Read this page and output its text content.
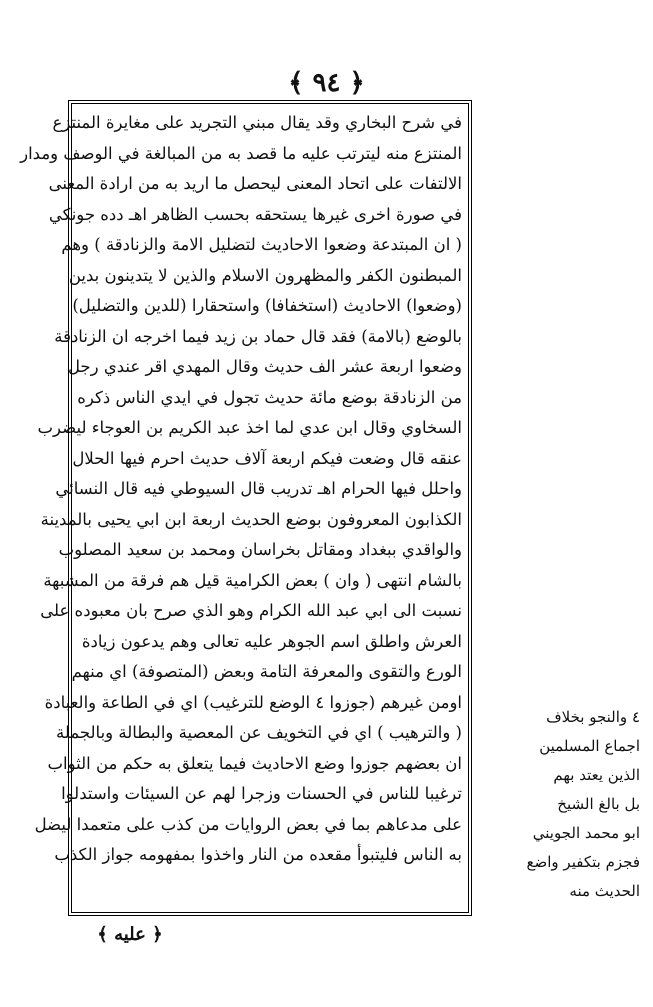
﴿ ٩٤ ﴾
في شرح البخاري وقد يقال مبني التجريد على مغايرة المنتزع
المنتزع منه ليترتب عليه ما قصد به من المبالغة في الوصف ومدار
الالتفات على اتحاد المعنى ليحصل ما اريد به من ارادة المعنى
في صورة اخرى غيرها يستحقه بحسب الظاهر اهـ دده جونكي
( ان المبتدعة وضعوا الاحاديث لتضليل الامة والزنادقة ) وهم
المبطنون الكفر والمظهرون الاسلام والذين لا يتدينون بدين
(وضعوا) الاحاديث (استخفافا) واستحقارا (للدين والتضليل)
بالوضع (بالامة) فقد قال حماد بن زيد فيما اخرجه ان الزنادقة
وضعوا اربعة عشر الف حديث وقال المهدي اقر عندي رجل
من الزنادقة بوضع مائة حديث تجول في ايدي الناس ذكره
السخاوي وقال ابن عدي لما اخذ عبد الكريم بن العوجاء ليضرب
عنقه قال وضعت فيكم اربعة آلاف حديث احرم فيها الحلال
واحلل فيها الحرام اهـ تدريب قال السيوطي فيه قال النسائي
الكذابون المعروفون بوضع الحديث اربعة ابن ابي يحيى بالمدينة
والواقدي ببغداد ومقاتل بخراسان ومحمد بن سعيد المصلوب
بالشام انتهى ( وان ) بعض الكرامية قيل هم فرقة من المشبهة
نسبت الى ابي عبد الله الكرام وهو الذي صرح بان معبوده على
العرش واطلق اسم الجوهر عليه تعالى وهم يدعون زيادة
الورع والتقوى والمعرفة التامة وبعض (المتصوفة) اي منهم
اومن غيرهم (جوزوا ٤ الوضع للترغيب) اي في الطاعة والعبادة
( والترهيب ) اي في التخويف عن المعصية والبطالة وبالجملة
ان بعضهم جوزوا وضع الاحاديث فيما يتعلق به حكم من الثواب
ترغيبا للناس في الحسنات وزجرا لهم عن السيئات واستدلوا
على مدعاهم بما في بعض الروايات من كذب على متعمدا ليضل
به الناس فليتبوأ مقعده من النار واخذوا بمفهومه جواز الكذب
٤ والنجو بخلاف
اجماع المسلمين
الذين يعتد بهم
بل بالغ الشيخ
ابو محمد الجويني
فجزم بتكفير واضع
الحديث منه
﴿ عليه ﴾
